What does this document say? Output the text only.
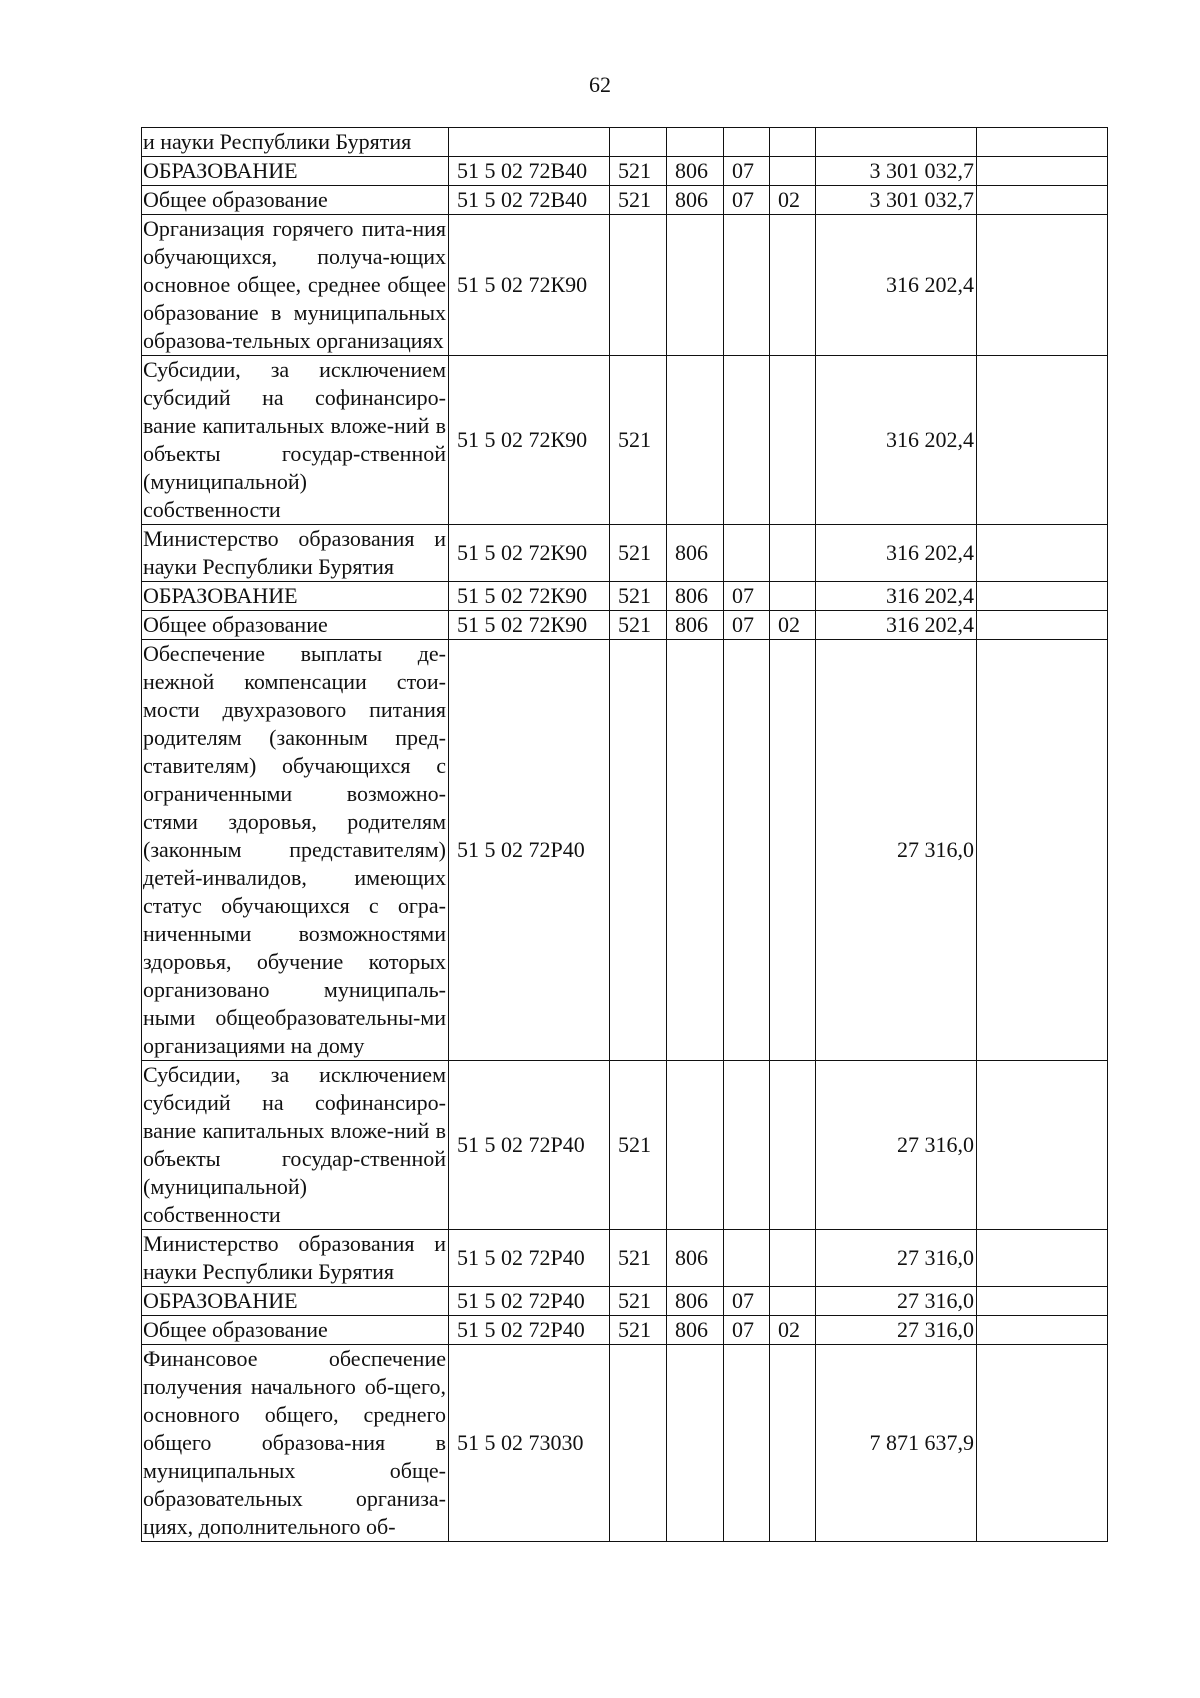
62
и науки Республики Бурятия							
ОБРАЗОВАНИЕ	51 5 02 72В40	521	806	07		3 301 032,7	
Общее образование	51 5 02 72В40	521	806	07	02	3 301 032,7	
Организация горячего пита-ния обучающихся, получа-ющих основное общее, среднее общее образование в муниципальных образова-тельных организациях	51 5 02 72К90					316 202,4	
Субсидии, за исключением субсидий на софинансиро-вание капитальных вложе-ний в объекты государ-ственной (муниципальной) собственности	51 5 02 72К90	521				316 202,4	
Министерство образования и науки Республики Бурятия	51 5 02 72К90	521	806			316 202,4	
ОБРАЗОВАНИЕ	51 5 02 72К90	521	806	07		316 202,4	
Общее образование	51 5 02 72К90	521	806	07	02	316 202,4	
Обеспечение выплаты де-нежной компенсации стои-мости двухразового питания родителям (законным пред-ставителям) обучающихся с ограниченными возможно-стями здоровья, родителям (законным представителям) детей-инвалидов, имеющих статус обучающихся с огра-ниченными возможностями здоровья, обучение которых организовано муниципаль-ными общеобразовательны-ми организациями на дому	51 5 02 72Р40					27 316,0	
Субсидии, за исключением субсидий на софинансиро-вание капитальных вложе-ний в объекты государ-ственной (муниципальной) собственности	51 5 02 72Р40	521				27 316,0	
Министерство образования и науки Республики Бурятия	51 5 02 72Р40	521	806			27 316,0	
ОБРАЗОВАНИЕ	51 5 02 72Р40	521	806	07		27 316,0	
Общее образование	51 5 02 72Р40	521	806	07	02	27 316,0	
Финансовое обеспечение получения начального об-щего, основного общего, среднего общего образова-ния в муниципальных обще-образовательных организа-циях, дополнительного об-	51 5 02 73030					7 871 637,9	
